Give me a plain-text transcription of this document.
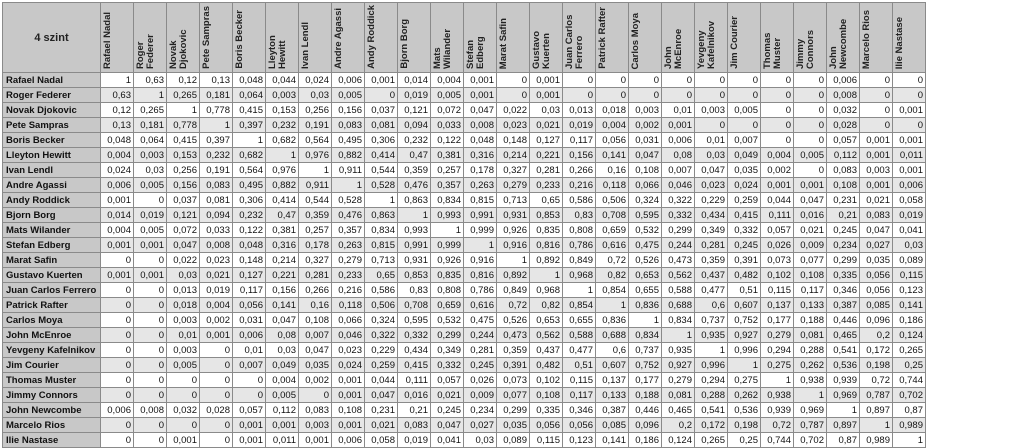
4 szint	Rafael Nadal	Roger Federer	Novak Djokovic	Pete Sampras	Boris Becker	Lleyton Hewitt	Ivan Lendl	Andre Agassi	Andy Roddick	Bjorn Borg	Mats Wilander	Stefan Edberg	Marat Safin	Gustavo Kuerten	Juan Carlos Ferrero	Patrick Rafter	Carlos Moya	John McEnroe	Yevgeny Kafelnikov	Jim Courier	Thomas Muster	Jimmy Connors	John Newcombe	Marcelo Rios	Ilie Nastase

Rafael Nadal	1	0,63	0,12	0,13	0,048	0,044	0,024	0,006	0,001	0,014	0,004	0,001	0	0,001	0	0	0	0	0	0	0	0	0,006	0	0
Roger Federer	0,63	1	0,265	0,181	0,064	0,003	0,03	0,005	0	0,019	0,005	0,001	0	0,001	0	0	0	0	0	0	0	0	0,008	0	0
Novak Djokovic	0,12	0,265	1	0,778	0,415	0,153	0,256	0,156	0,037	0,121	0,072	0,047	0,022	0,03	0,013	0,018	0,003	0,01	0,003	0,005	0	0	0,032	0	0,001
Pete Sampras	0,13	0,181	0,778	1	0,397	0,232	0,191	0,083	0,081	0,094	0,033	0,008	0,023	0,021	0,019	0,004	0,002	0,001	0	0	0	0	0,028	0	0
Boris Becker	0,048	0,064	0,415	0,397	1	0,682	0,564	0,495	0,306	0,232	0,122	0,048	0,148	0,127	0,117	0,056	0,031	0,006	0,01	0,007	0	0	0,057	0,001	0,001
Lleyton Hewitt	0,004	0,003	0,153	0,232	0,682	1	0,976	0,882	0,414	0,47	0,381	0,316	0,214	0,221	0,156	0,141	0,047	0,08	0,03	0,049	0,004	0,005	0,112	0,001	0,011
Ivan Lendl	0,024	0,03	0,256	0,191	0,564	0,976	1	0,911	0,544	0,359	0,257	0,178	0,327	0,281	0,266	0,16	0,108	0,007	0,047	0,035	0,002	0	0,083	0,003	0,001
Andre Agassi	0,006	0,005	0,156	0,083	0,495	0,882	0,911	1	0,528	0,476	0,357	0,263	0,279	0,233	0,216	0,118	0,066	0,046	0,023	0,024	0,001	0,001	0,108	0,001	0,006
Andy Roddick	0,001	0	0,037	0,081	0,306	0,414	0,544	0,528	1	0,863	0,834	0,815	0,713	0,65	0,586	0,506	0,324	0,322	0,229	0,259	0,044	0,047	0,231	0,021	0,058
Bjorn Borg	0,014	0,019	0,121	0,094	0,232	0,47	0,359	0,476	0,863	1	0,993	0,991	0,931	0,853	0,83	0,708	0,595	0,332	0,434	0,415	0,111	0,016	0,21	0,083	0,019
Mats Wilander	0,004	0,005	0,072	0,033	0,122	0,381	0,257	0,357	0,834	0,993	1	0,999	0,926	0,835	0,808	0,659	0,532	0,299	0,349	0,332	0,057	0,021	0,245	0,047	0,041
Stefan Edberg	0,001	0,001	0,047	0,008	0,048	0,316	0,178	0,263	0,815	0,991	0,999	1	0,916	0,816	0,786	0,616	0,475	0,244	0,281	0,245	0,026	0,009	0,234	0,027	0,03
Marat Safin	0	0	0,022	0,023	0,148	0,214	0,327	0,279	0,713	0,931	0,926	0,916	1	0,892	0,849	0,72	0,526	0,473	0,359	0,391	0,073	0,077	0,299	0,035	0,089
Gustavo Kuerten	0,001	0,001	0,03	0,021	0,127	0,221	0,281	0,233	0,65	0,853	0,835	0,816	0,892	1	0,968	0,82	0,653	0,562	0,437	0,482	0,102	0,108	0,335	0,056	0,115
Juan Carlos Ferrero	0	0	0,013	0,019	0,117	0,156	0,266	0,216	0,586	0,83	0,808	0,786	0,849	0,968	1	0,854	0,655	0,588	0,477	0,51	0,115	0,117	0,346	0,056	0,123
Patrick Rafter	0	0	0,018	0,004	0,056	0,141	0,16	0,118	0,506	0,708	0,659	0,616	0,72	0,82	0,854	1	0,836	0,688	0,6	0,607	0,137	0,133	0,387	0,085	0,141
Carlos Moya	0	0	0,003	0,002	0,031	0,047	0,108	0,066	0,324	0,595	0,532	0,475	0,526	0,653	0,655	0,836	1	0,834	0,737	0,752	0,177	0,188	0,446	0,096	0,186
John McEnroe	0	0	0,01	0,001	0,006	0,08	0,007	0,046	0,322	0,332	0,299	0,244	0,473	0,562	0,588	0,688	0,834	1	0,935	0,927	0,279	0,081	0,465	0,2	0,124
Yevgeny Kafelnikov	0	0	0,003	0	0,01	0,03	0,047	0,023	0,229	0,434	0,349	0,281	0,359	0,437	0,477	0,6	0,737	0,935	1	0,996	0,294	0,288	0,541	0,172	0,265
Jim Courier	0	0	0,005	0	0,007	0,049	0,035	0,024	0,259	0,415	0,332	0,245	0,391	0,482	0,51	0,607	0,752	0,927	0,996	1	0,275	0,262	0,536	0,198	0,25
Thomas Muster	0	0	0	0	0	0,004	0,002	0,001	0,044	0,111	0,057	0,026	0,073	0,102	0,115	0,137	0,177	0,279	0,294	0,275	1	0,938	0,939	0,72	0,744
Jimmy Connors	0	0	0	0	0	0,005	0	0,001	0,047	0,016	0,021	0,009	0,077	0,108	0,117	0,133	0,188	0,081	0,288	0,262	0,938	1	0,969	0,787	0,702
John Newcombe	0,006	0,008	0,032	0,028	0,057	0,112	0,083	0,108	0,231	0,21	0,245	0,234	0,299	0,335	0,346	0,387	0,446	0,465	0,541	0,536	0,939	0,969	1	0,897	0,87
Marcelo Rios	0	0	0	0	0,001	0,001	0,003	0,001	0,021	0,083	0,047	0,027	0,035	0,056	0,056	0,085	0,096	0,2	0,172	0,198	0,72	0,787	0,897	1	0,989
Ilie Nastase	0	0	0,001	0	0,001	0,011	0,001	0,006	0,058	0,019	0,041	0,03	0,089	0,115	0,123	0,141	0,186	0,124	0,265	0,25	0,744	0,702	0,87	0,989	1
